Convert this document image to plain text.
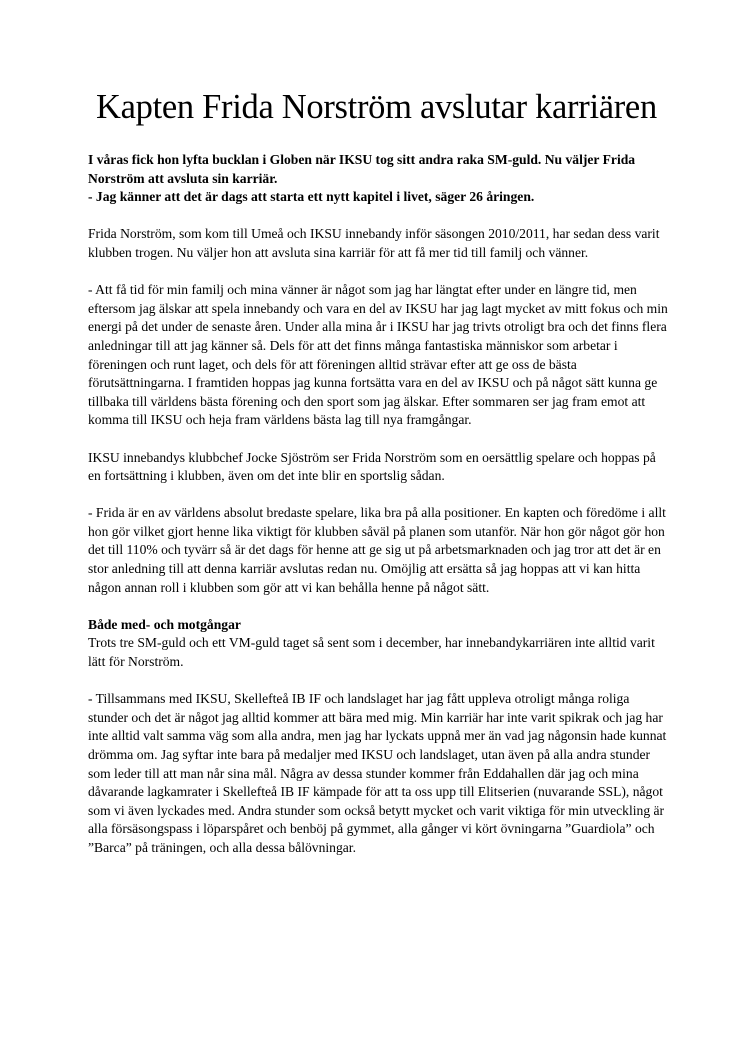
Kapten Frida Norström avslutar karriären

I våras fick hon lyfta bucklan i Globen när IKSU tog sitt andra raka SM-guld. Nu väljer Frida Norström att avsluta sin karriär.

- Jag känner att det är dags att starta ett nytt kapitel i livet, säger 26 åringen.

Frida Norström, som kom till Umeå och IKSU innebandy inför säsongen 2010/2011, har sedan dess varit klubben trogen. Nu väljer hon att avsluta sina karriär för att få mer tid till familj och vänner.

- Att få tid för min familj och mina vänner är något som jag har längtat efter under en längre tid, men eftersom jag älskar att spela innebandy och vara en del av IKSU har jag lagt mycket av mitt fokus och min energi på det under de senaste åren. Under alla mina år i IKSU har jag trivts otroligt bra och det finns flera anledningar till att jag känner så. Dels för att det finns många fantastiska människor som arbetar i föreningen och runt laget, och dels för att föreningen alltid strävar efter att ge oss de bästa förutsättningarna. I framtiden hoppas jag kunna fortsätta vara en del av IKSU och på något sätt kunna ge tillbaka till världens bästa förening och den sport som jag älskar. Efter sommaren ser jag fram emot att komma till IKSU och heja fram världens bästa lag till nya framgångar.

IKSU innebandys klubbchef Jocke Sjöström ser Frida Norström som en oersättlig spelare och hoppas på en fortsättning i klubben, även om det inte blir en sportslig sådan.

- Frida är en av världens absolut bredaste spelare, lika bra på alla positioner. En kapten och föredöme i allt hon gör vilket gjort henne lika viktigt för klubben såväl på planen som utanför. När hon gör något gör hon det till 110% och tyvärr så är det dags för henne att ge sig ut på arbetsmarknaden och jag tror att det är en stor anledning till att denna karriär avslutas redan nu. Omöjlig att ersätta så jag hoppas att vi kan hitta någon annan roll i klubben som gör att vi kan behålla henne på något sätt.

Både med- och motgångar

Trots tre SM-guld och ett VM-guld taget så sent som i december, har innebandykarriären inte alltid varit lätt för Norström.

- Tillsammans med IKSU, Skellefteå IB IF och landslaget har jag fått uppleva otroligt många roliga stunder och det är något jag alltid kommer att bära med mig. Min karriär har inte varit spikrak och jag har inte alltid valt samma väg som alla andra, men jag har lyckats uppnå mer än vad jag någonsin hade kunnat drömma om. Jag syftar inte bara på medaljer med IKSU och landslaget, utan även på alla andra stunder som leder till att man når sina mål. Några av dessa stunder kommer från Eddahallen där jag och mina dåvarande lagkamrater i Skellefteå IB IF kämpade för att ta oss upp till Elitserien (nuvarande SSL), något som vi även lyckades med. Andra stunder som också betytt mycket och varit viktiga för min utveckling är alla försäsongspass i löparspåret och benböj på gymmet, alla gånger vi kört övningarna ”Guardiola” och ”Barca” på träningen, och alla dessa bålövningar.
